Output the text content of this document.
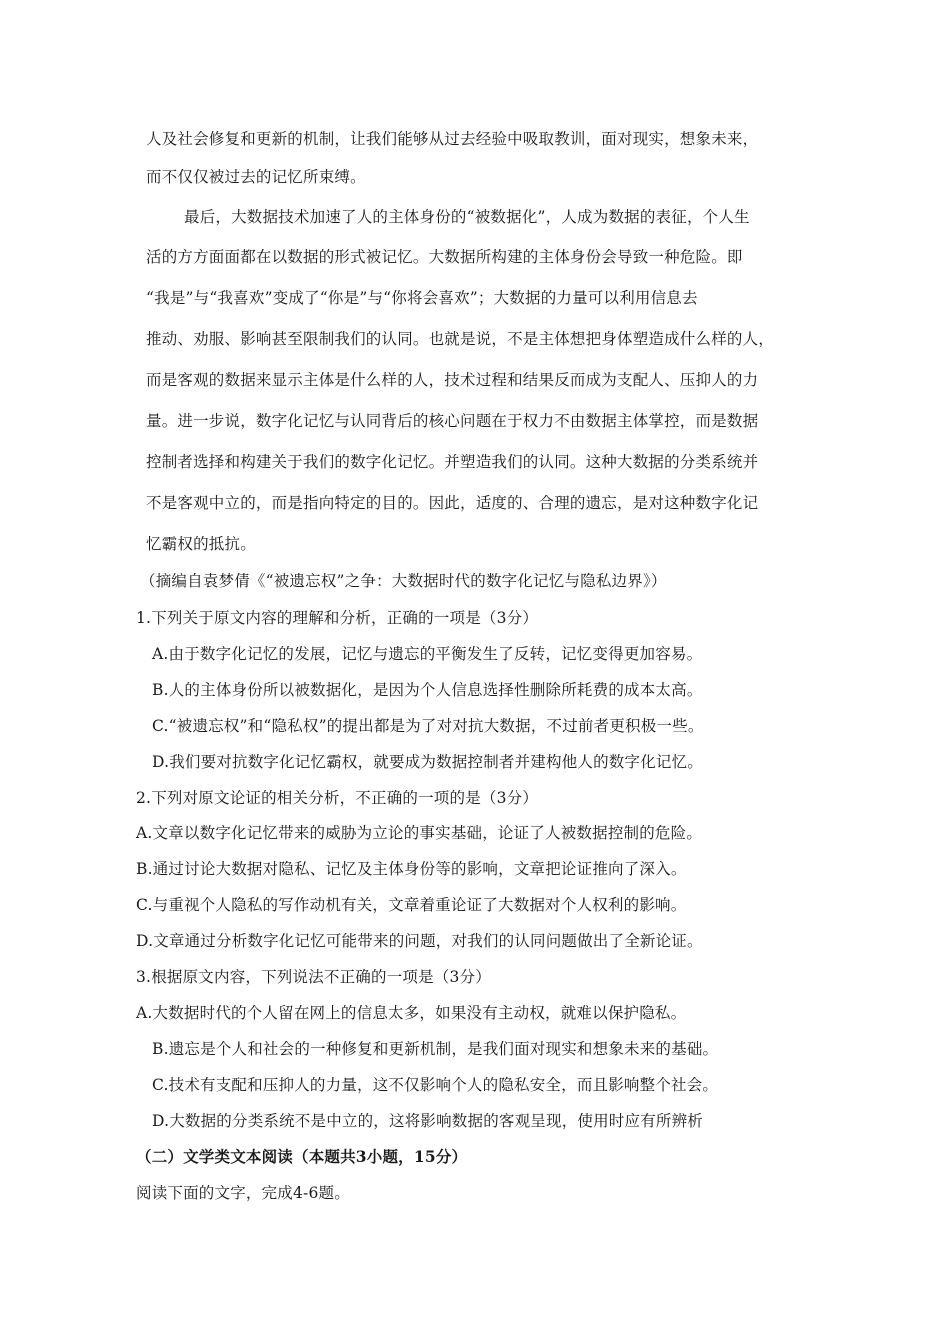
人及社会修复和更新的机制，让我们能够从过去经验中吸取教训，面对现实，想象未来，
而不仅仅被过去的记忆所束缚。
最后，大数据技术加速了人的主体身份的“被数据化”，人成为数据的表征，个人生
活的方方面面都在以数据的形式被记忆。大数据所构建的主体身份会导致一种危险。即
“我是”与“我喜欢”变成了“你是”与“你将会喜欢”；大数据的力量可以利用信息去
推动、劝服、影响甚至限制我们的认同。也就是说，不是主体想把身体塑造成什么样的人，
而是客观的数据来显示主体是什么样的人，技术过程和结果反而成为支配人、压抑人的力
量。进一步说，数字化记忆与认同背后的核心问题在于权力不由数据主体掌控，而是数据
控制者选择和构建关于我们的数字化记忆。并塑造我们的认同。这种大数据的分类系统并
不是客观中立的，而是指向特定的目的。因此，适度的、合理的遗忘，是对这种数字化记
忆霸权的抵抗。
（摘编自袁梦倩《“被遗忘权”之争：大数据时代的数字化记忆与隐私边界》）
1.下列关于原文内容的理解和分析，正确的一项是（3分）
A.由于数字化记忆的发展，记忆与遗忘的平衡发生了反转，记忆变得更加容易。
B.人的主体身份所以被数据化，是因为个人信息选择性删除所耗费的成本太高。
C.“被遗忘权”和“隐私权”的提出都是为了对对抗大数据，不过前者更积极一些。
D.我们要对抗数字化记忆霸权，就要成为数据控制者并建构他人的数字化记忆。
2.下列对原文论证的相关分析，不正确的一项的是（3分）
A.文章以数字化记忆带来的威胁为立论的事实基础，论证了人被数据控制的危险。
B.通过讨论大数据对隐私、记忆及主体身份等的影响，文章把论证推向了深入。
C.与重视个人隐私的写作动机有关，文章着重论证了大数据对个人权利的影响。
D.文章通过分析数字化记忆可能带来的问题，对我们的认同问题做出了全新论证。
3.根据原文内容，下列说法不正确的一项是（3分）
A.大数据时代的个人留在网上的信息太多，如果没有主动权，就难以保护隐私。
B.遗忘是个人和社会的一种修复和更新机制，是我们面对现实和想象未来的基础。
C.技术有支配和压抑人的力量，这不仅影响个人的隐私安全，而且影响整个社会。
D.大数据的分类系统不是中立的，这将影响数据的客观呈现，使用时应有所辨析
（二）文学类文本阅读（本题共3小题，15分）
阅读下面的文字，完成4-6题。
